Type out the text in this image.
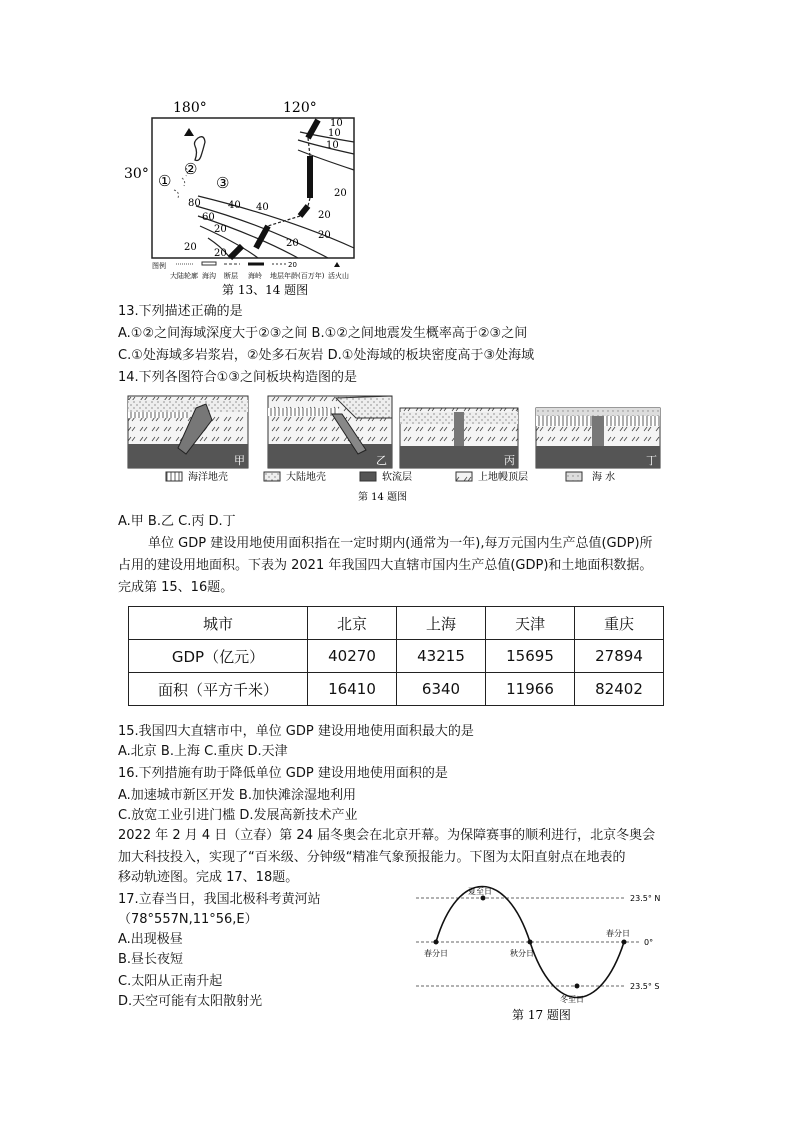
180°	120°
30° ①
②
③
10
10
10
20
20
40 40
60
80
20
20
20
20
20
图例
大陆轮廓 海沟 断层 海岭
20
地层年龄(百万年) 活火山
第 13、14 题图
13.下列描述正确的是
A.①②之间海域深度大于②③之间 B.①②之间地震发生概率高于②③之间
C.①处海域多岩浆岩，②处多石灰岩 D.①处海域的板块密度高于③处海域
14.下列各图符合①③之间板块构造图的是
甲	乙	丙	丁
海洋地壳	大陆地壳	软流层	上地幔顶层	海 水
第 14 题图
A.甲 B.乙 C.丙 D.丁
单位 GDP 建设用地使用面积指在一定时期内(通常为一年),每万元国内生产总值(GDP)所
占用的建设用地面积。下表为 2021 年我国四大直辖市国内生产总值(GDP)和土地面积数据。
完成第 15、16题。
城市	北京	上海	天津	重庆
GDP（亿元）	40270	43215	15695	27894
面积（平方千米）	16410	6340	11966	82402
15.我国四大直辖市中，单位 GDP 建设用地使用面积最大的是
A.北京 B.上海 C.重庆 D.天津
16.下列措施有助于降低单位 GDP 建设用地使用面积的是
A.加速城市新区开发 B.加快滩涂湿地利用
C.放宽工业引进门槛 D.发展高新技术产业
2022 年 2 月 4 日（立春）第 24 届冬奥会在北京开幕。为保障赛事的顺利进行，北京冬奥会
加大科技投入，实现了“百米级、分钟级“精准气象预报能力。下图为太阳直射点在地表的
移动轨迹图。完成 17、18题。
17.立春当日，我国北极科考黄河站
（78°557N,11°56,E）
A.出现极昼
B.昼长夜短
C.太阳从正南升起
D.天空可能有太阳散射光
夏至日
春分日	秋分日
春分日
冬至日
23.5° N
0°
23.5° S
第 17 题图
